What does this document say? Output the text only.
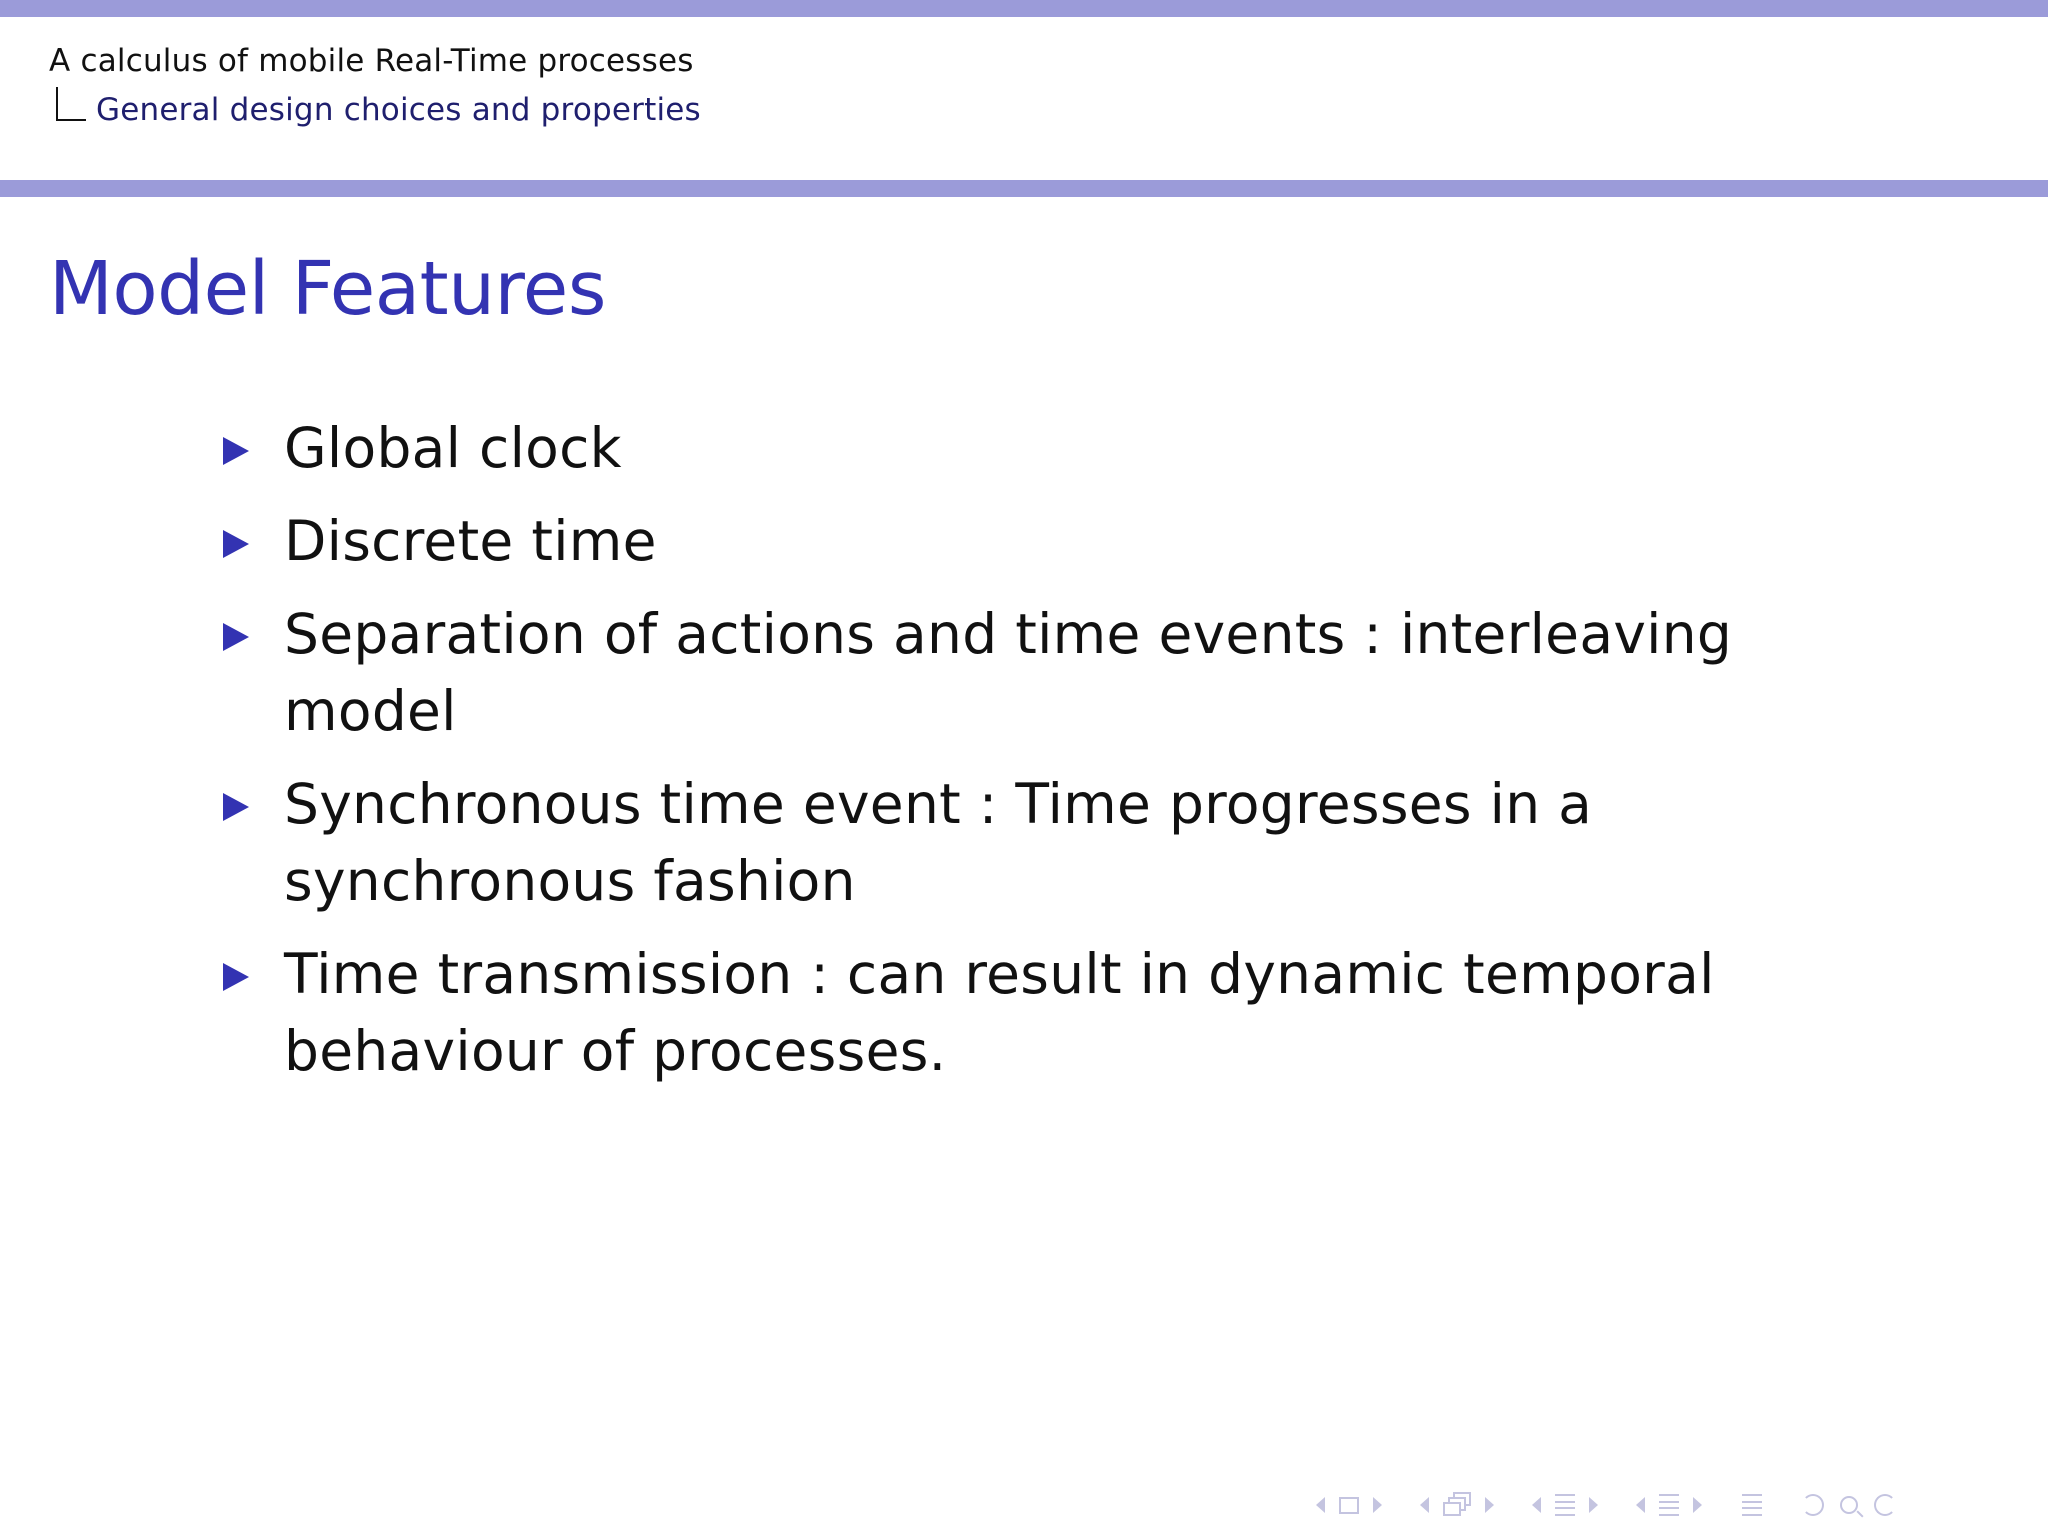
A calculus of mobile Real-Time processes
General design choices and properties
Model Features
Global clock
Discrete time
Separation of actions and time events : interleaving model
Synchronous time event : Time progresses in a synchronous fashion
Time transmission : can result in dynamic temporal behaviour of processes.
